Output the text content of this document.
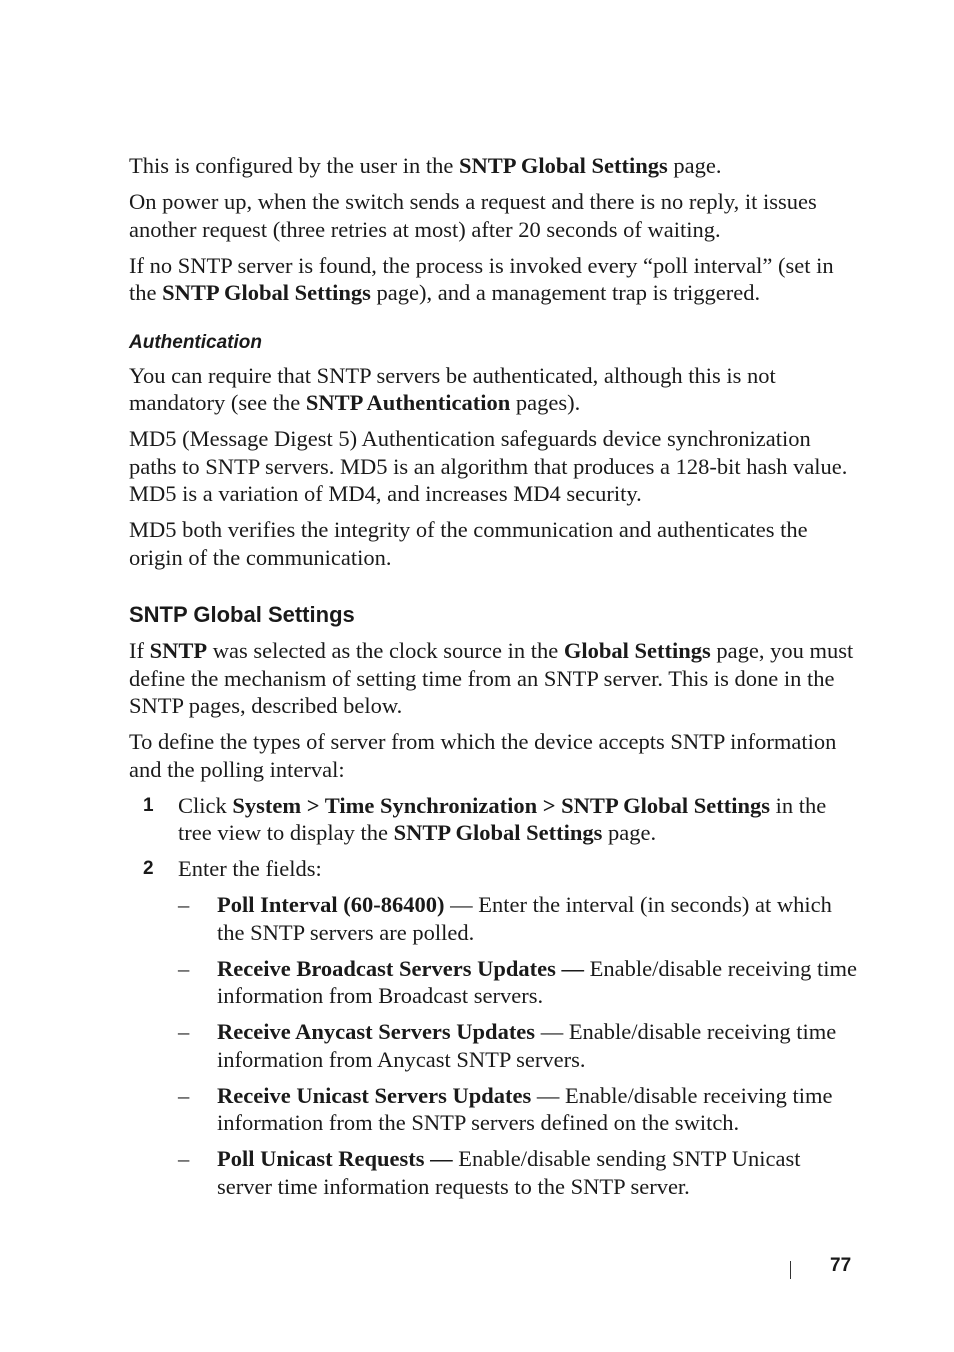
This is configured by the user in the SNTP Global Settings page.

On power up, when the switch sends a request and there is no reply, it issues another request (three retries at most) after 20 seconds of waiting.

If no SNTP server is found, the process is invoked every “poll interval” (set in the SNTP Global Settings page), and a management trap is triggered.

Authentication

You can require that SNTP servers be authenticated, although this is not mandatory (see the SNTP Authentication pages).

MD5 (Message Digest 5) Authentication safeguards device synchronization paths to SNTP servers. MD5 is an algorithm that produces a 128-bit hash value. MD5 is a variation of MD4, and increases MD4 security.

MD5 both verifies the integrity of the communication and authenticates the origin of the communication.

SNTP Global Settings

If SNTP was selected as the clock source in the Global Settings page, you must define the mechanism of setting time from an SNTP server. This is done in the SNTP pages, described below.

To define the types of server from which the device accepts SNTP information and the polling interval:

1 Click System > Time Synchronization > SNTP Global Settings in the tree view to display the SNTP Global Settings page.
2 Enter the fields:
– Poll Interval (60-86400) — Enter the interval (in seconds) at which the SNTP servers are polled.
– Receive Broadcast Servers Updates — Enable/disable receiving time information from Broadcast servers.
– Receive Anycast Servers Updates — Enable/disable receiving time information from Anycast SNTP servers.
– Receive Unicast Servers Updates — Enable/disable receiving time information from the SNTP servers defined on the switch.
– Poll Unicast Requests — Enable/disable sending SNTP Unicast server time information requests to the SNTP server.
77
